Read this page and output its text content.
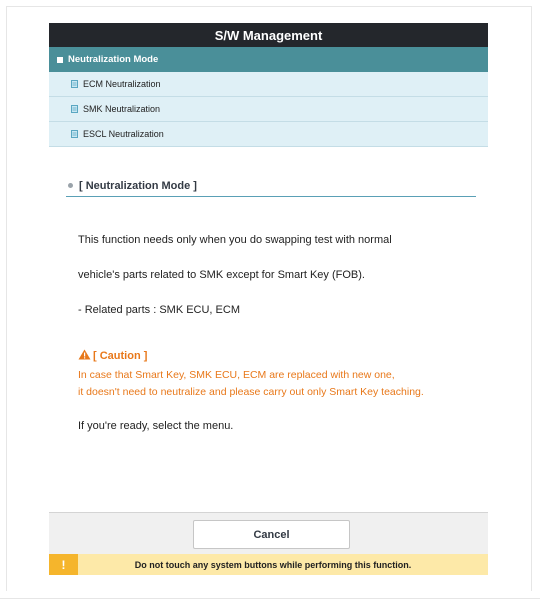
S/W Management
Neutralization Mode
ECM Neutralization
SMK Neutralization
ESCL Neutralization
[ Neutralization Mode ]
This function needs only when you do swapping test with normal
vehicle's parts related to SMK except for Smart Key (FOB).
- Related parts : SMK ECU, ECM
[ Caution ]
In case that Smart Key, SMK ECU, ECM are replaced with new one,
it doesn't need to neutralize and please carry out only Smart Key teaching.
If you're ready, select the menu.
Cancel
!	Do not touch any system buttons while performing this function.
